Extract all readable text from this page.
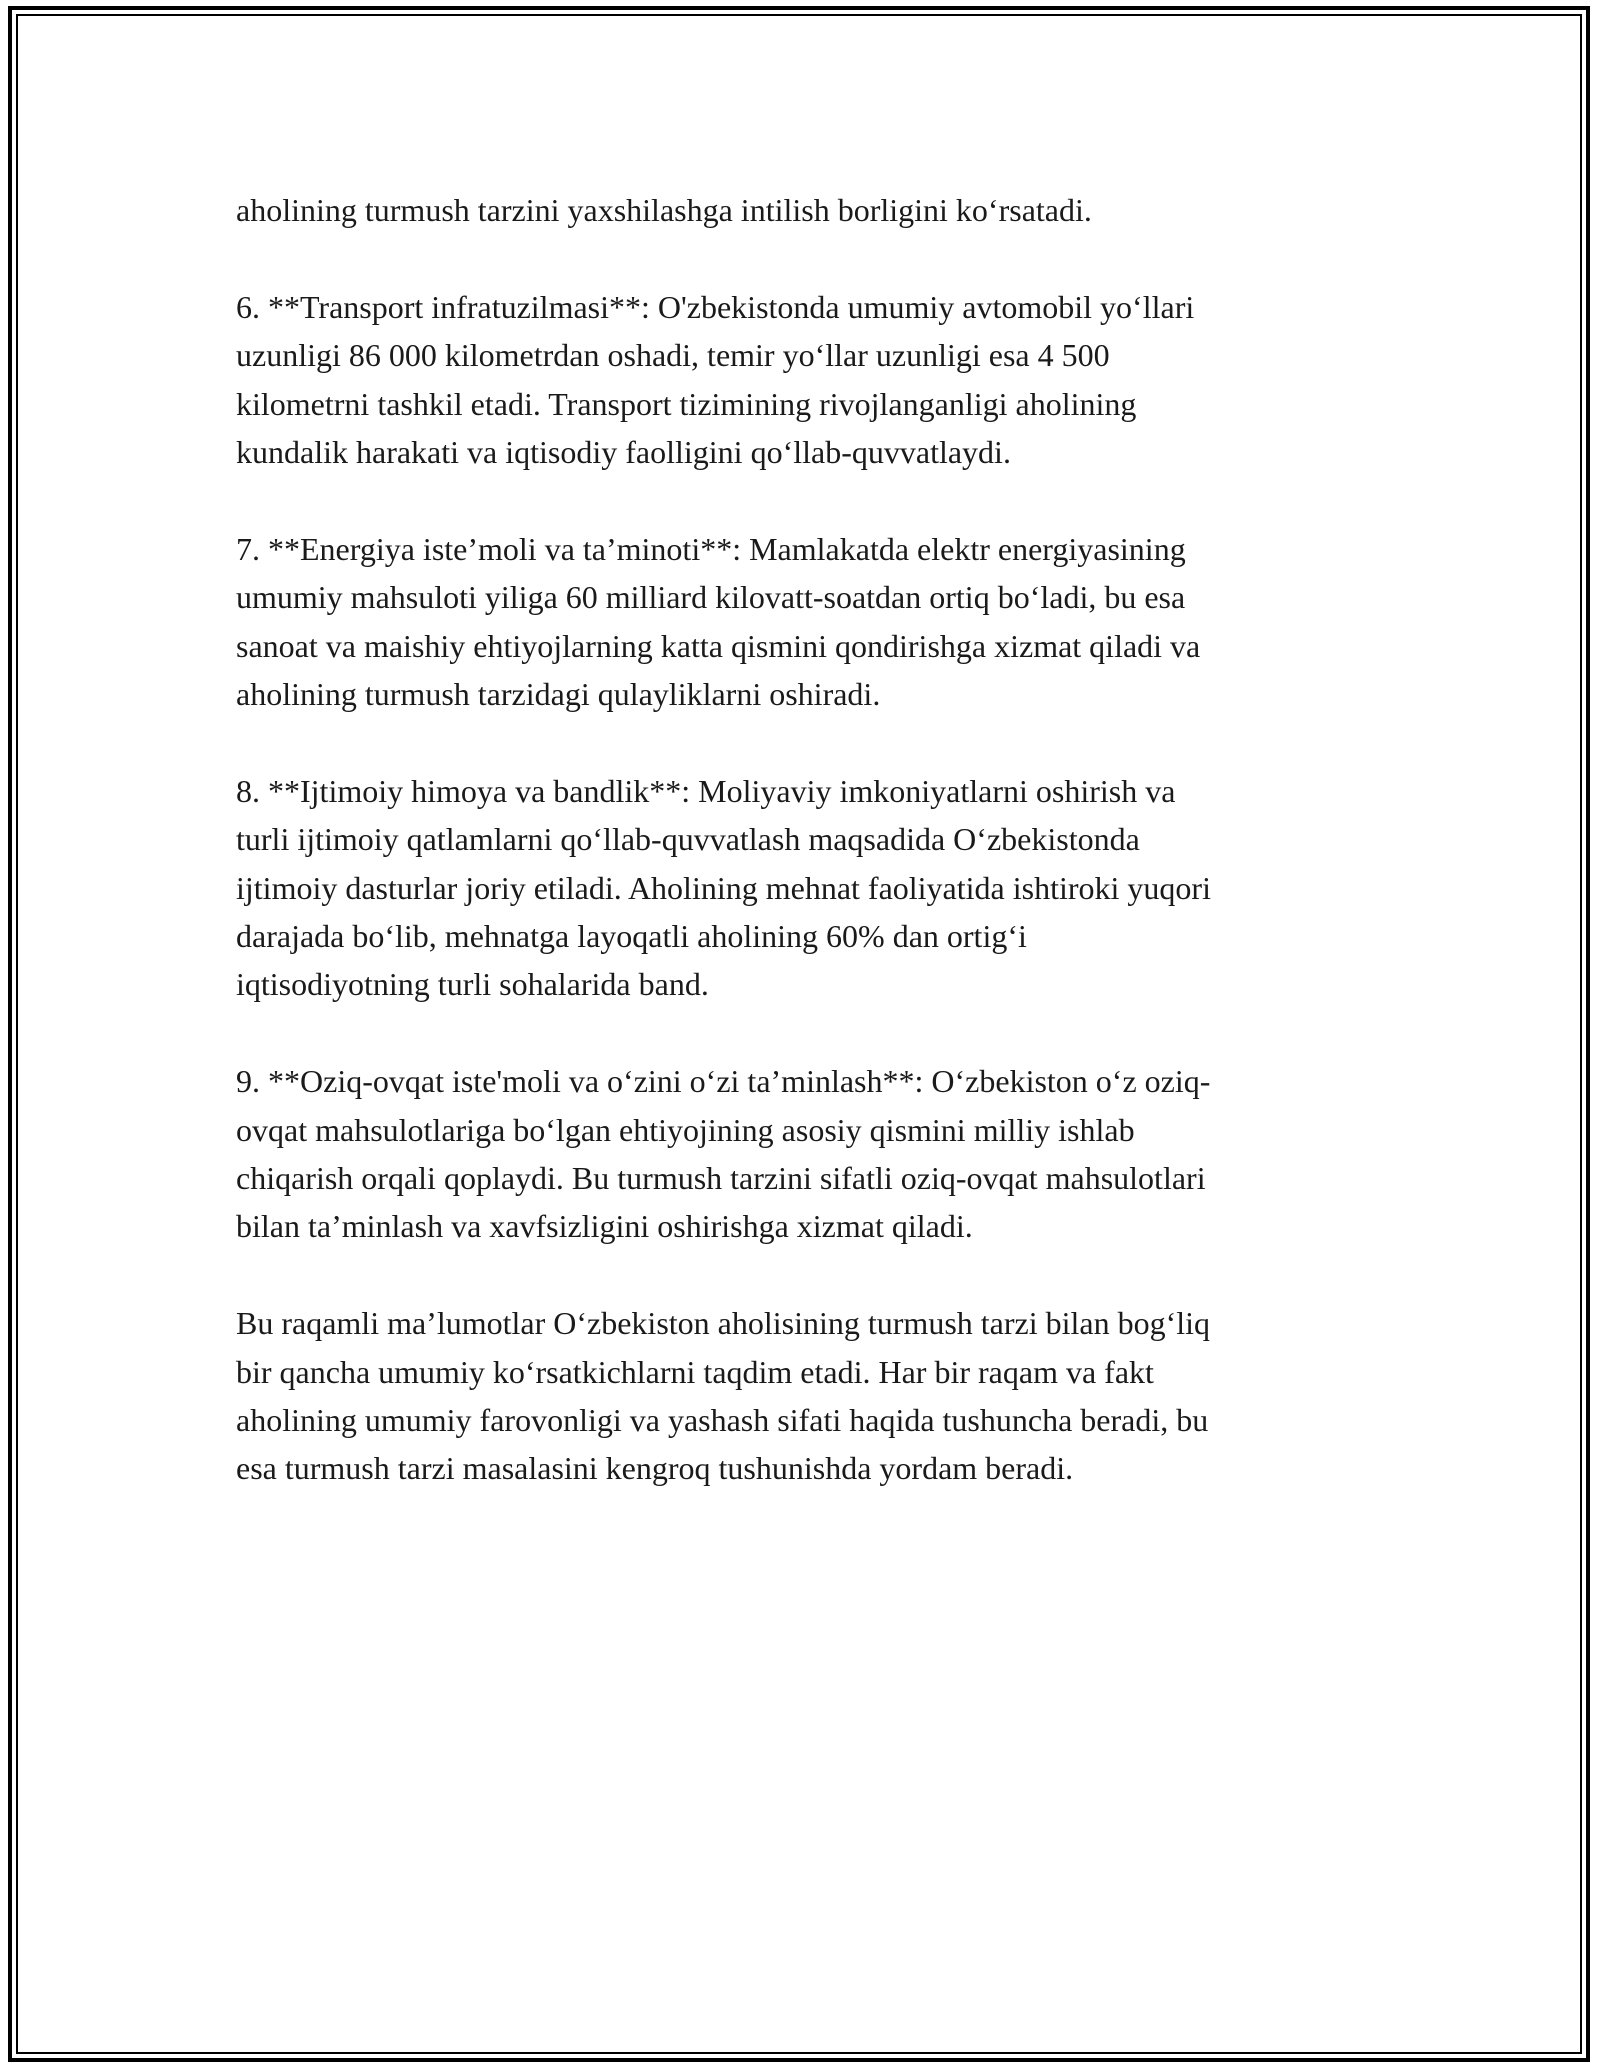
aholining turmush tarzini yaxshilashga intilish borligini ko‘rsatadi.

6. **Transport infratuzilmasi**: O'zbekistonda umumiy avtomobil yo‘llari
uzunligi 86 000 kilometrdan oshadi, temir yo‘llar uzunligi esa 4 500
kilometrni tashkil etadi. Transport tizimining rivojlanganligi aholining
kundalik harakati va iqtisodiy faolligini qo‘llab-quvvatlaydi.

7. **Energiya iste’moli va ta’minoti**: Mamlakatda elektr energiyasining
umumiy mahsuloti yiliga 60 milliard kilovatt-soatdan ortiq bo‘ladi, bu esa
sanoat va maishiy ehtiyojlarning katta qismini qondirishga xizmat qiladi va
aholining turmush tarzidagi qulayliklarni oshiradi.

8. **Ijtimoiy himoya va bandlik**: Moliyaviy imkoniyatlarni oshirish va
turli ijtimoiy qatlamlarni qo‘llab-quvvatlash maqsadida O‘zbekistonda
ijtimoiy dasturlar joriy etiladi. Aholining mehnat faoliyatida ishtiroki yuqori
darajada bo‘lib, mehnatga layoqatli aholining 60% dan ortig‘i
iqtisodiyotning turli sohalarida band.

9. **Oziq-ovqat iste'moli va o‘zini o‘zi ta’minlash**: O‘zbekiston o‘z oziq-
ovqat mahsulotlariga bo‘lgan ehtiyojining asosiy qismini milliy ishlab
chiqarish orqali qoplaydi. Bu turmush tarzini sifatli oziq-ovqat mahsulotlari
bilan ta’minlash va xavfsizligini oshirishga xizmat qiladi.

Bu raqamli ma’lumotlar O‘zbekiston aholisining turmush tarzi bilan bog‘liq
bir qancha umumiy ko‘rsatkichlarni taqdim etadi. Har bir raqam va fakt
aholining umumiy farovonligi va yashash sifati haqida tushuncha beradi, bu
esa turmush tarzi masalasini kengroq tushunishda yordam beradi.
